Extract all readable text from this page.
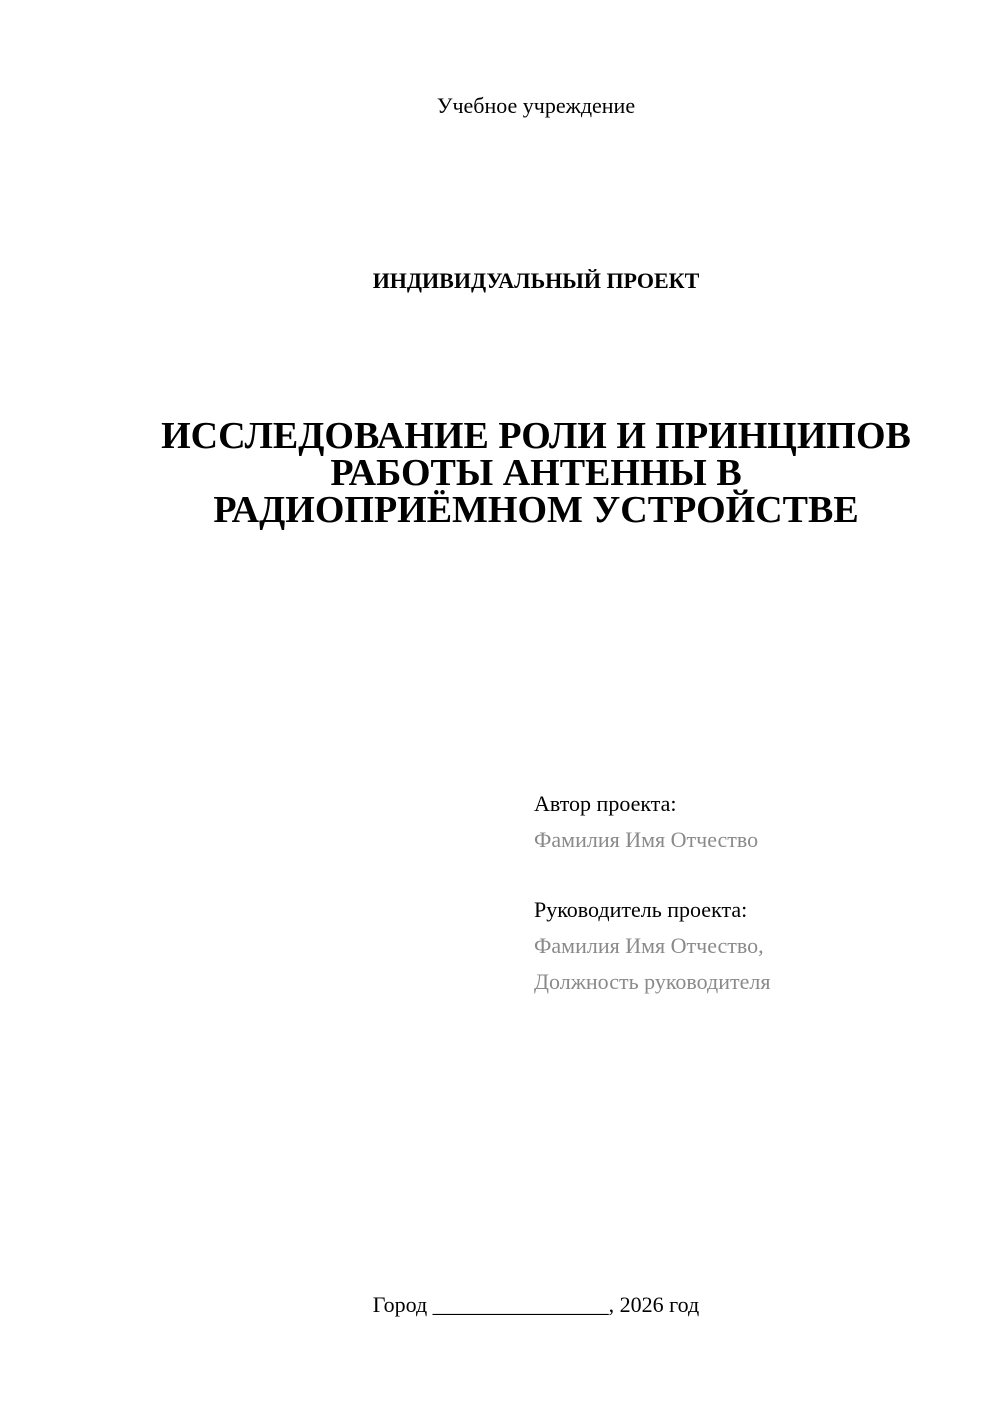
Учебное учреждение
ИНДИВИДУАЛЬНЫЙ ПРОЕКТ
ИССЛЕДОВАНИЕ РОЛИ И ПРИНЦИПОВ
РАБОТЫ АНТЕННЫ В
РАДИОПРИЁМНОМ УСТРОЙСТВЕ
Автор проекта:
Фамилия Имя Отчество
Руководитель проекта:
Фамилия Имя Отчество,
Должность руководителя
Город ________________, 2026 год
